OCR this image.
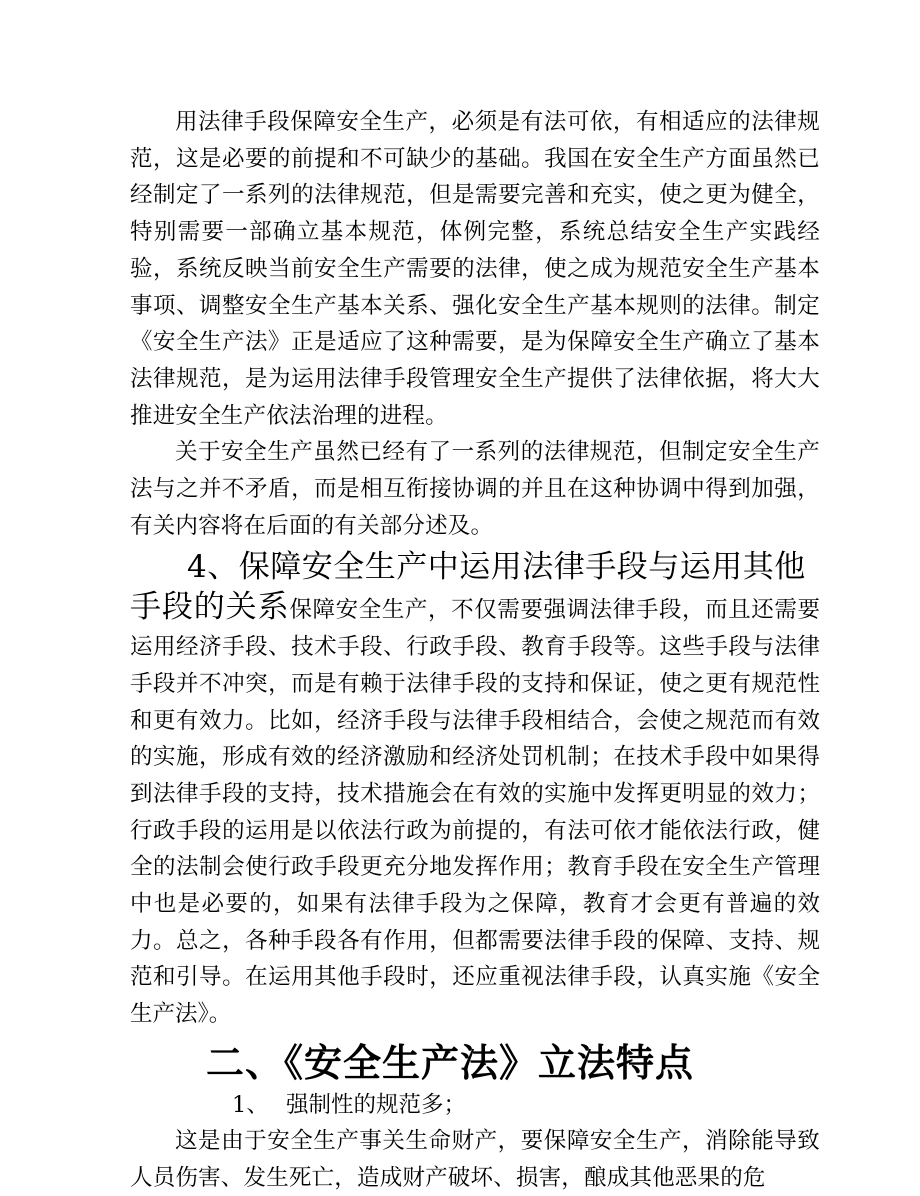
用法律手段保障安全生产，必须是有法可依，有相适应的法律规范，这是必要的前提和不可缺少的基础。我国在安全生产方面虽然已经制定了一系列的法律规范，但是需要完善和充实，使之更为健全，特别需要一部确立基本规范，体例完整，系统总结安全生产实践经验，系统反映当前安全生产需要的法律，使之成为规范安全生产基本事项、调整安全生产基本关系、强化安全生产基本规则的法律。制定《安全生产法》正是适应了这种需要，是为保障安全生产确立了基本法律规范，是为运用法律手段管理安全生产提供了法律依据，将大大推进安全生产依法治理的进程。

关于安全生产虽然已经有了一系列的法律规范，但制定安全生产法与之并不矛盾，而是相互衔接协调的并且在这种协调中得到加强，有关内容将在后面的有关部分述及。

4、保障安全生产中运用法律手段与运用其他
手段的关系保障安全生产，不仅需要强调法律手段，而且还需要运用经济手段、技术手段、行政手段、教育手段等。这些手段与法律手段并不冲突，而是有赖于法律手段的支持和保证，使之更有规范性和更有效力。比如，经济手段与法律手段相结合，会使之规范而有效的实施，形成有效的经济激励和经济处罚机制；在技术手段中如果得到法律手段的支持，技术措施会在有效的实施中发挥更明显的效力；行政手段的运用是以依法行政为前提的，有法可依才能依法行政，健全的法制会使行政手段更充分地发挥作用；教育手段在安全生产管理中也是必要的，如果有法律手段为之保障，教育才会更有普遍的效力。总之，各种手段各有作用，但都需要法律手段的保障、支持、规范和引导。在运用其他手段时，还应重视法律手段，认真实施《安全生产法》。
二、《安全生产法》立法特点

1、 强制性的规范多；

这是由于安全生产事关生命财产，要保障安全生产，消除能导致人员伤害、发生死亡，造成财产破坏、损害，酿成其他恶果的危
